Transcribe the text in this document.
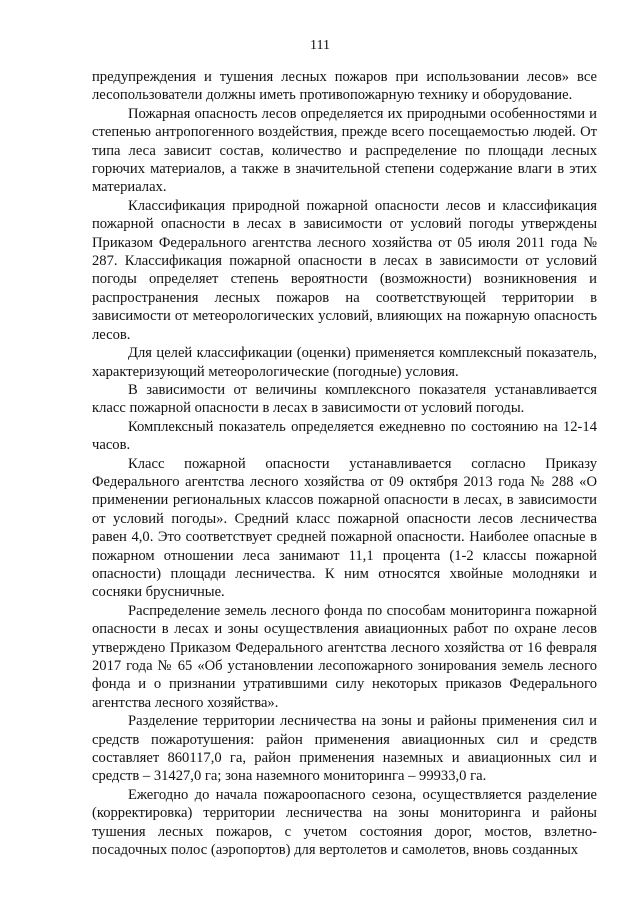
111

предупреждения и тушения лесных пожаров при использовании лесов» все лесопользователи должны иметь противопожарную технику и оборудование.

Пожарная опасность лесов определяется их природными особенностями и степенью антропогенного воздействия, прежде всего посещаемостью людей. От типа леса зависит состав, количество и распределение по площади лесных горючих материалов, а также в значительной степени содержание влаги в этих материалах.

Классификация природной пожарной опасности лесов и классификация пожарной опасности в лесах в зависимости от условий погоды утверждены Приказом Федерального агентства лесного хозяйства от 05 июля 2011 года № 287. Классификация пожарной опасности в лесах в зависимости от условий погоды определяет степень вероятности (возможности) возникновения и распространения лесных пожаров на соответствующей территории в зависимости от метеорологических условий, влияющих на пожарную опасность лесов.

Для целей классификации (оценки) применяется комплексный показатель, характеризующий метеорологические (погодные) условия.

В зависимости от величины комплексного показателя устанавливается класс пожарной опасности в лесах в зависимости от условий погоды.

Комплексный показатель определяется ежедневно по состоянию на 12-14 часов.

Класс пожарной опасности устанавливается согласно Приказу Федерального агентства лесного хозяйства от 09 октября 2013 года № 288 «О применении региональных классов пожарной опасности в лесах, в зависимости от условий погоды». Средний класс пожарной опасности лесов лесничества равен 4,0. Это соответствует средней пожарной опасности. Наиболее опасные в пожарном отношении леса занимают 11,1 процента (1-2 классы пожарной опасности) площади лесничества. К ним относятся хвойные молодняки и сосняки брусничные.

Распределение земель лесного фонда по способам мониторинга пожарной опасности в лесах и зоны осуществления авиационных работ по охране лесов утверждено Приказом Федерального агентства лесного хозяйства от 16 февраля 2017 года № 65 «Об установлении лесопожарного зонирования земель лесного фонда и о признании утратившими силу некоторых приказов Федерального агентства лесного хозяйства».

Разделение территории лесничества на зоны и районы применения сил и средств пожаротушения: район применения авиационных сил и средств составляет 860117,0 га, район применения наземных и авиационных сил и средств – 31427,0 га; зона наземного мониторинга – 99933,0 га.

Ежегодно до начала пожароопасного сезона, осуществляется разделение (корректировка) территории лесничества на зоны мониторинга и районы тушения лесных пожаров, с учетом состояния дорог, мостов, взлетно-посадочных полос (аэропортов) для вертолетов и самолетов, вновь созданных
